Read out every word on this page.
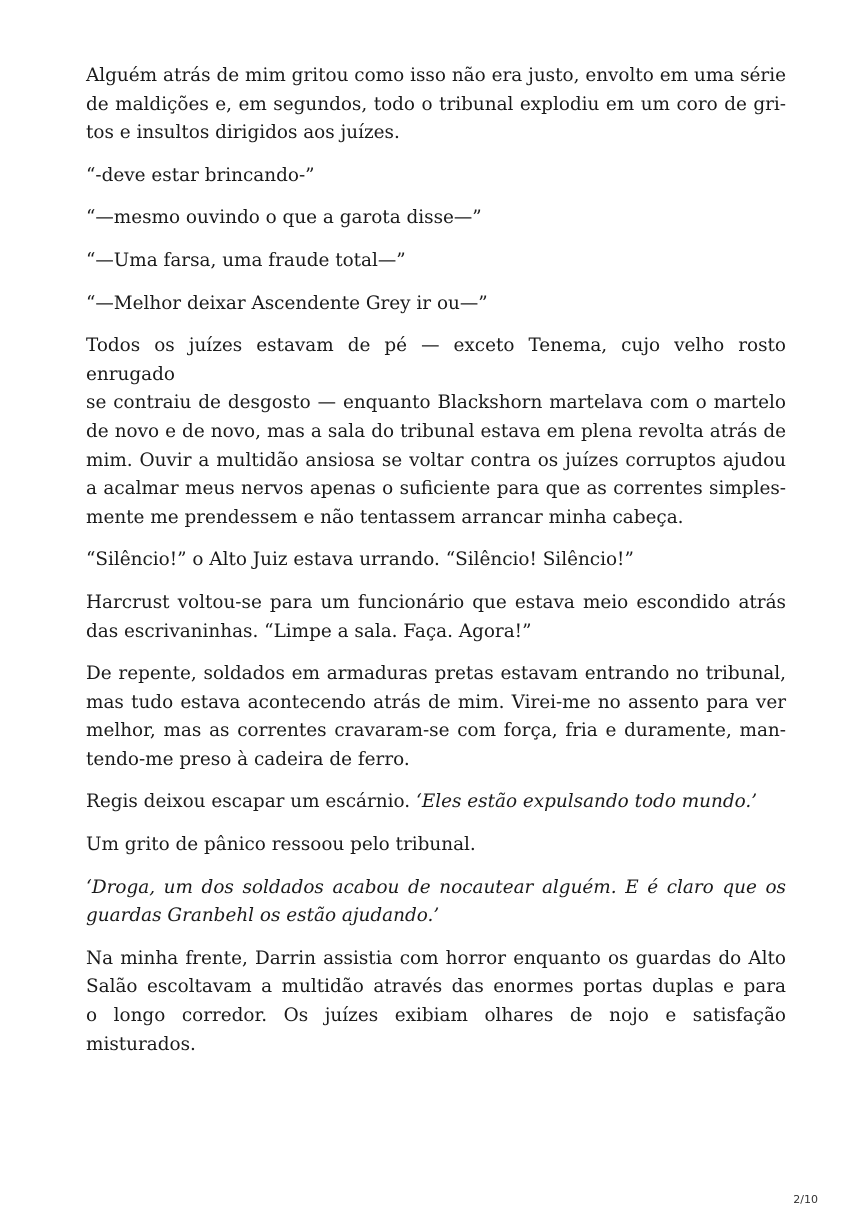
Alguém atrás de mim gritou como isso não era justo, envolto em uma série
de maldições e, em segundos, todo o tribunal explodiu em um coro de gri-
tos e insultos dirigidos aos juízes.

“-deve estar brincando-”

“—mesmo ouvindo o que a garota disse—”

“—Uma farsa, uma fraude total—”

“—Melhor deixar Ascendente Grey ir ou—”

Todos os juízes estavam de pé — exceto Tenema, cujo velho rosto enrugado
se contraiu de desgosto — enquanto Blackshorn martelava com o martelo
de novo e de novo, mas a sala do tribunal estava em plena revolta atrás de
mim. Ouvir a multidão ansiosa se voltar contra os juízes corruptos ajudou
a acalmar meus nervos apenas o suficiente para que as correntes simples-
mente me prendessem e não tentassem arrancar minha cabeça.

“Silêncio!” o Alto Juiz estava urrando. “Silêncio! Silêncio!”

Harcrust voltou-se para um funcionário que estava meio escondido atrás
das escrivaninhas. “Limpe a sala. Faça. Agora!”

De repente, soldados em armaduras pretas estavam entrando no tribunal,
mas tudo estava acontecendo atrás de mim. Virei-me no assento para ver
melhor, mas as correntes cravaram-se com força, fria e duramente, man-
tendo-me preso à cadeira de ferro.

Regis deixou escapar um escárnio. ‘Eles estão expulsando todo mundo.’

Um grito de pânico ressoou pelo tribunal.

‘Droga, um dos soldados acabou de nocautear alguém. E é claro que os
guardas Granbehl os estão ajudando.’

Na minha frente, Darrin assistia com horror enquanto os guardas do Alto
Salão escoltavam a multidão através das enormes portas duplas e para
o longo corredor. Os juízes exibiam olhares de nojo e satisfação
misturados.

2/10
